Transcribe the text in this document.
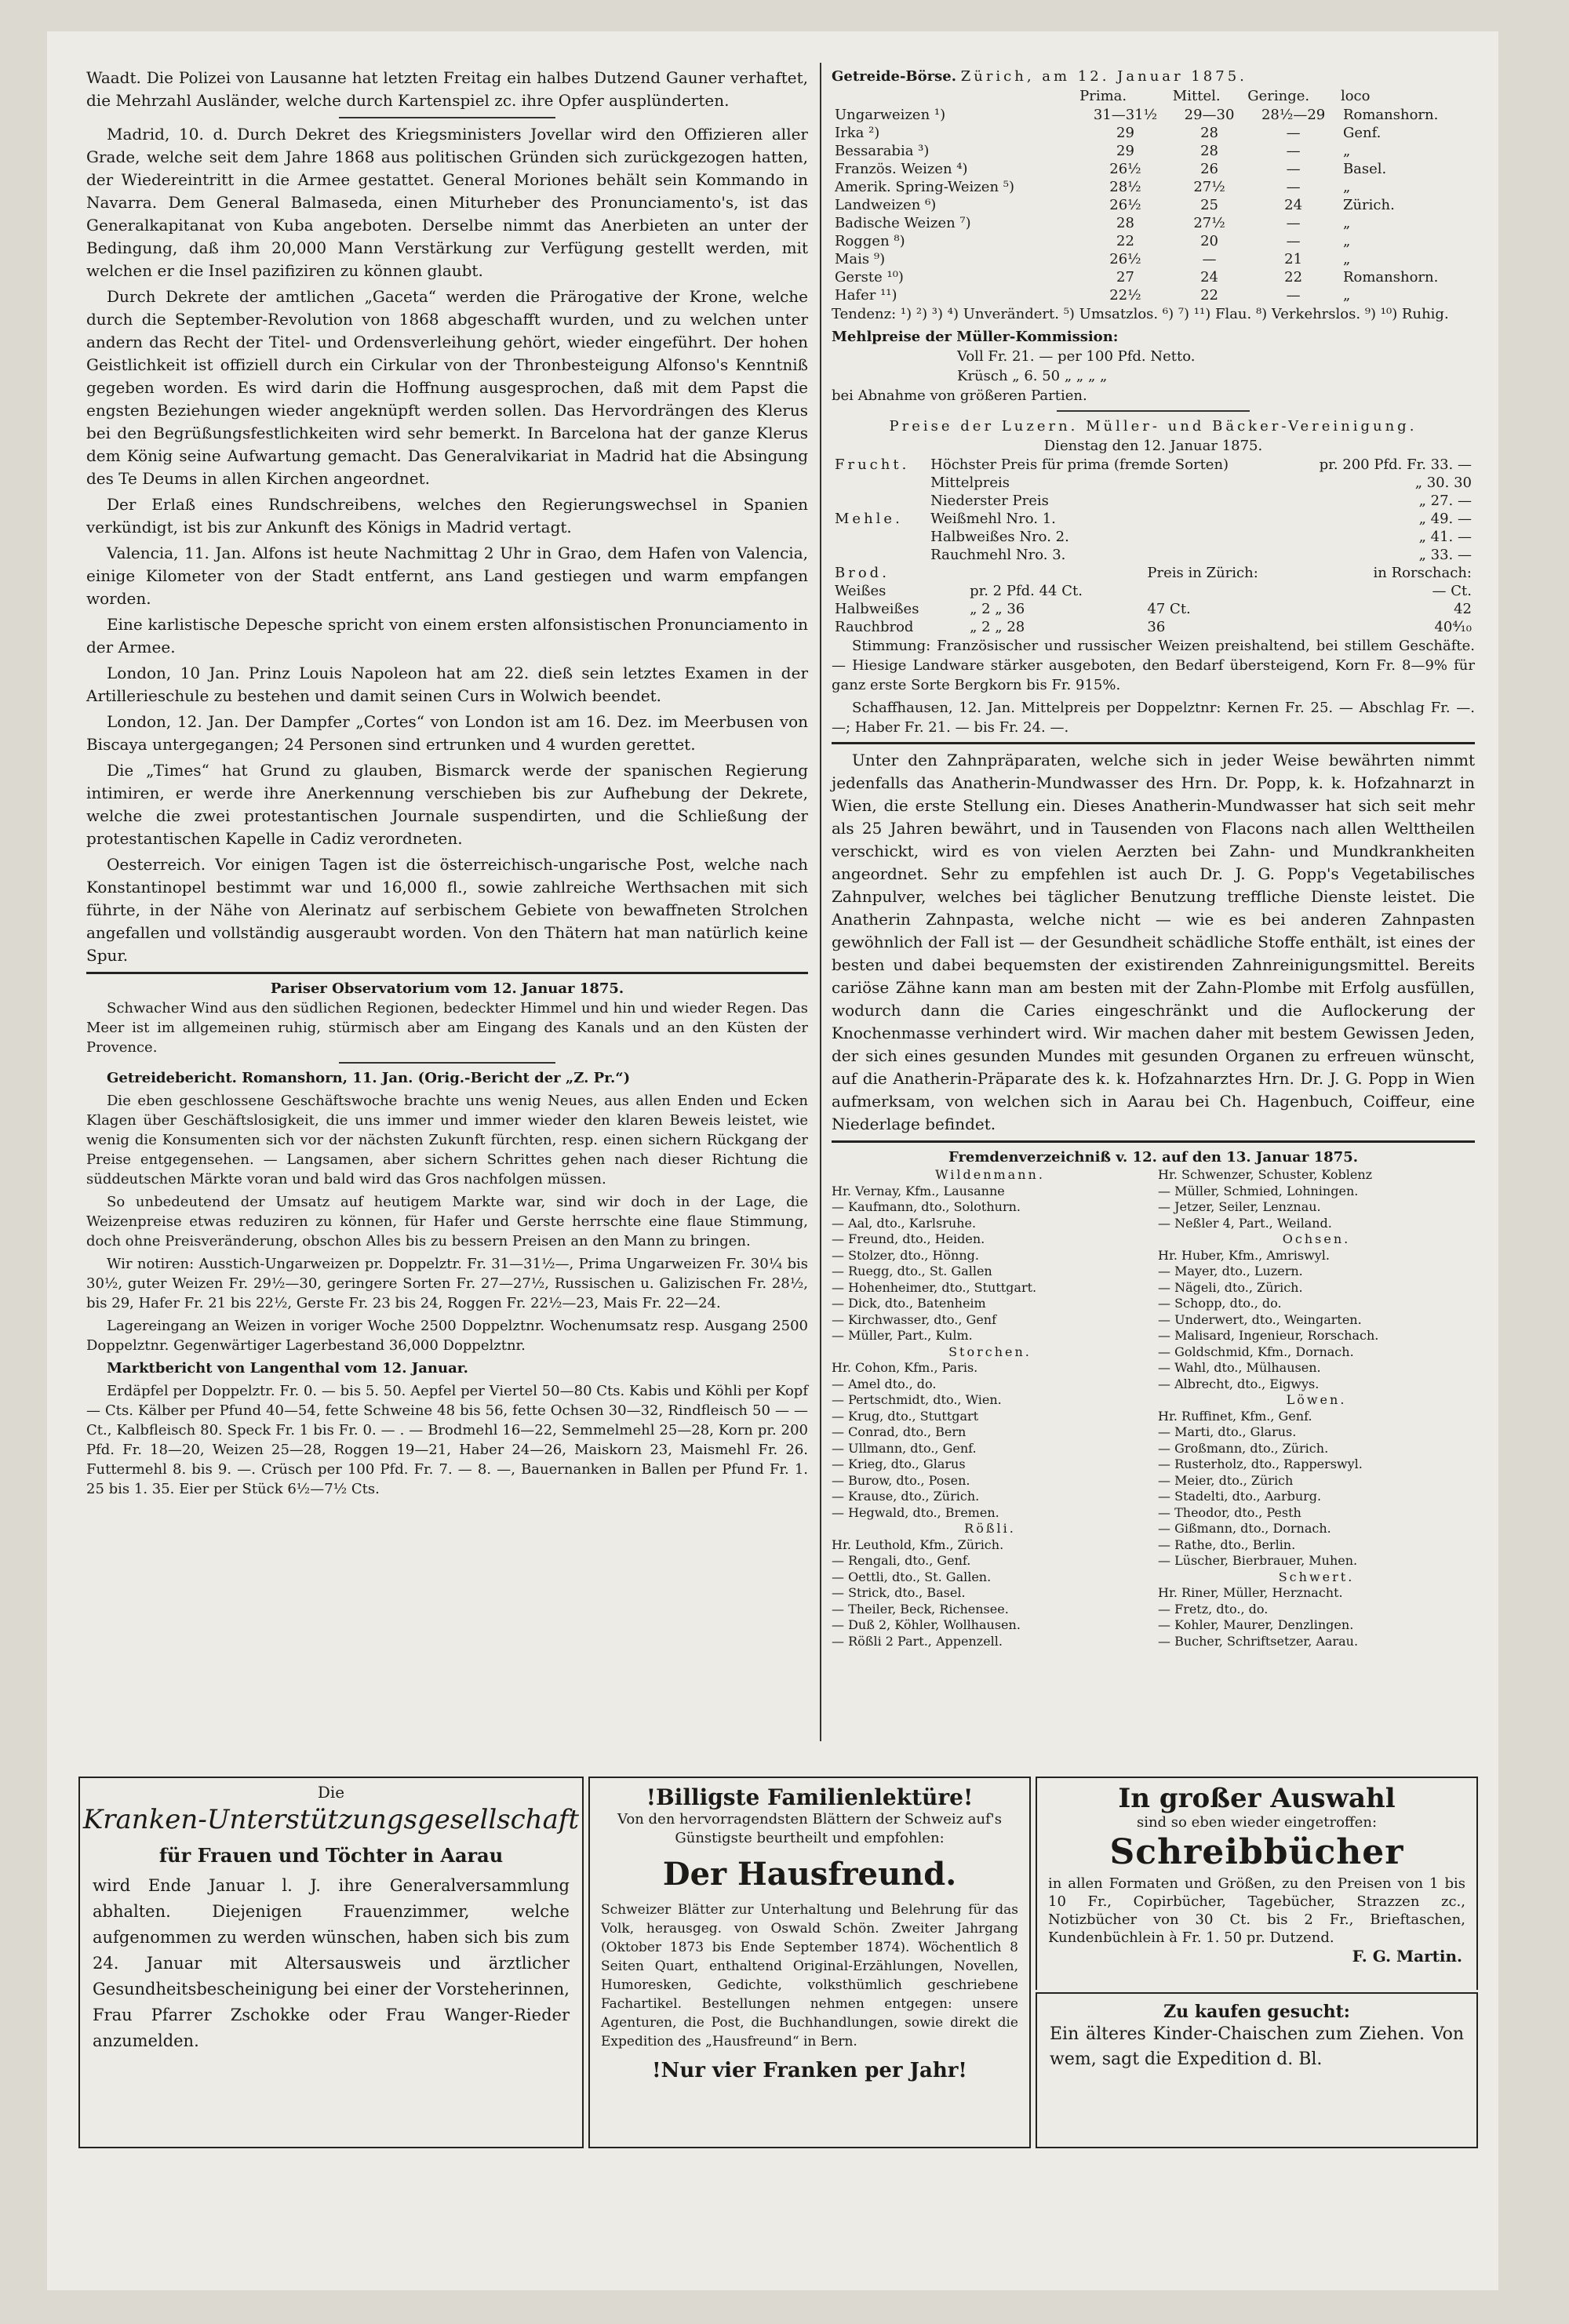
Waadt. Die Polizei von Lausanne hat letzten Freitag ein halbes Dutzend Gauner verhaftet, die Mehrzahl Ausländer, welche durch Kartenspiel zc. ihre Opfer ausplünderten.

Madrid, 10. d. Durch Dekret des Kriegsministers Jovellar wird den Offizieren aller Grade, welche seit dem Jahre 1868 aus politischen Gründen sich zurückgezogen hatten, der Wiedereintritt in die Armee gestattet. General Moriones behält sein Kommando in Navarra. Dem General Balmaseda, einen Miturheber des Pronunciamento's, ist das Generalkapitanat von Kuba angeboten. Derselbe nimmt das Anerbieten an unter der Bedingung, daß ihm 20,000 Mann Verstärkung zur Verfügung gestellt werden, mit welchen er die Insel pazifiziren zu können glaubt.

Durch Dekrete der amtlichen „Gaceta“ werden die Prärogative der Krone, welche durch die September-Revolution von 1868 abgeschafft wurden, und zu welchen unter andern das Recht der Titel- und Ordensverleihung gehört, wieder eingeführt. Der hohen Geistlichkeit ist offiziell durch ein Cirkular von der Thronbesteigung Alfonso's Kenntniß gegeben worden. Es wird darin die Hoffnung ausgesprochen, daß mit dem Papst die engsten Beziehungen wieder angeknüpft werden sollen. Das Hervordrängen des Klerus bei den Begrüßungsfestlichkeiten wird sehr bemerkt. In Barcelona hat der ganze Klerus dem König seine Aufwartung gemacht. Das Generalvikariat in Madrid hat die Absingung des Te Deums in allen Kirchen angeordnet.

Der Erlaß eines Rundschreibens, welches den Regierungswechsel in Spanien verkündigt, ist bis zur Ankunft des Königs in Madrid vertagt.

Valencia, 11. Jan. Alfons ist heute Nachmittag 2 Uhr in Grao, dem Hafen von Valencia, einige Kilometer von der Stadt entfernt, ans Land gestiegen und warm empfangen worden.

Eine karlistische Depesche spricht von einem ersten alfonsistischen Pronunciamento in der Armee.

London, 10 Jan. Prinz Louis Napoleon hat am 22. dieß sein letztes Examen in der Artillerieschule zu bestehen und damit seinen Curs in Wolwich beendet.

London, 12. Jan. Der Dampfer „Cortes“ von London ist am 16. Dez. im Meerbusen von Biscaya untergegangen; 24 Personen sind ertrunken und 4 wurden gerettet.

Die „Times“ hat Grund zu glauben, Bismarck werde der spanischen Regierung intimiren, er werde ihre Anerkennung verschieben bis zur Aufhebung der Dekrete, welche die zwei protestantischen Journale suspendirten, und die Schließung der protestantischen Kapelle in Cadiz verordneten.

Oesterreich. Vor einigen Tagen ist die österreichisch-ungarische Post, welche nach Konstantinopel bestimmt war und 16,000 fl., sowie zahlreiche Werthsachen mit sich führte, in der Nähe von Alerinatz auf serbischem Gebiete von bewaffneten Strolchen angefallen und vollständig ausgeraubt worden. Von den Thätern hat man natürlich keine Spur.

Pariser Observatorium vom 12. Januar 1875.

Schwacher Wind aus den südlichen Regionen, bedeckter Himmel und hin und wieder Regen. Das Meer ist im allgemeinen ruhig, stürmisch aber am Eingang des Kanals und an den Küsten der Provence.

Getreidebericht. Romanshorn, 11. Jan. (Orig.-Bericht der „Z. Pr.“)

Die eben geschlossene Geschäftswoche brachte uns wenig Neues, aus allen Enden und Ecken Klagen über Geschäftslosigkeit, die uns immer und immer wieder den klaren Beweis leistet, wie wenig die Konsumenten sich vor der nächsten Zukunft fürchten, resp. einen sichern Rückgang der Preise entgegensehen. — Langsamen, aber sichern Schrittes gehen nach dieser Richtung die süddeutschen Märkte voran und bald wird das Gros nachfolgen müssen.

So unbedeutend der Umsatz auf heutigem Markte war, sind wir doch in der Lage, die Weizenpreise etwas reduziren zu können, für Hafer und Gerste herrschte eine flaue Stimmung, doch ohne Preisveränderung, obschon Alles bis zu bessern Preisen an den Mann zu bringen.

Wir notiren: Ausstich-Ungarweizen pr. Doppelztr. Fr. 31—31½—, Prima Ungarweizen Fr. 30¼ bis 30½, guter Weizen Fr. 29½—30, geringere Sorten Fr. 27—27½, Russischen u. Galizischen Fr. 28½, bis 29, Hafer Fr. 21 bis 22½, Gerste Fr. 23 bis 24, Roggen Fr. 22½—23, Mais Fr. 22—24.

Lagereingang an Weizen in voriger Woche 2500 Doppelztnr. Wochenumsatz resp. Ausgang 2500 Doppelztnr. Gegenwärtiger Lagerbestand 36,000 Doppelztnr.

Marktbericht von Langenthal vom 12. Januar.

Erdäpfel per Doppelztr. Fr. 0. — bis 5. 50. Aepfel per Viertel 50—80 Cts. Kabis und Köhli per Kopf — Cts. Kälber per Pfund 40—54, fette Schweine 48 bis 56, fette Ochsen 30—32, Rindfleisch 50 — — Ct., Kalbfleisch 80. Speck Fr. 1 bis Fr. 0. — . — Brodmehl 16—22, Semmelmehl 25—28, Korn pr. 200 Pfd. Fr. 18—20, Weizen 25—28, Roggen 19—21, Haber 24—26, Maiskorn 23, Maismehl Fr. 26. Futtermehl 8. bis 9. —. Crüsch per 100 Pfd. Fr. 7. — 8. —, Bauernanken in Ballen per Pfund Fr. 1. 25 bis 1. 35. Eier per Stück 6½—7½ Cts.

Getreide-Börse. Zürich, am 12. Januar 1875.
	Prima.	Mittel.	Geringe.	loco
Ungarweizen ¹)	31—31½	29—30	28½—29	Romanshorn.
Irka ²)	29	28	—	Genf.
Bessarabia ³)	29	28	—	„
Französ. Weizen ⁴)	26½	26	—	Basel.
Amerik. Spring-Weizen ⁵)	28½	27½	—	„
Landweizen ⁶)	26½	25	24	Zürich.
Badische Weizen ⁷)	28	27½	—	„
Roggen ⁸)	22	20	—	„
Mais ⁹)	26½	—	21	„
Gerste ¹⁰)	27	24	22	Romanshorn.
Hafer ¹¹)	22½	22	—	„

Tendenz: ¹) ²) ³) ⁴) Unverändert. ⁵) Umsatzlos. ⁶) ⁷) ¹¹) Flau. ⁸) Verkehrslos. ⁹) ¹⁰) Ruhig.

Mehlpreise der Müller-Kommission:
Voll Fr. 21. — per 100 Pfd. Netto.
Krüsch „ 6. 50 „ „ „ „
bei Abnahme von größeren Partien.
Preise der Luzern. Müller- und Bäcker-Vereinigung.
Dienstag den 12. Januar 1875.
Frucht.	Höchster Preis für prima (fremde Sorten)	pr. 200 Pfd. Fr. 33. —
	Mittelpreis	„ 30. 30
	Niederster Preis	„ 27. —
Mehle.	Weißmehl Nro. 1.	„ 49. —
	Halbweißes Nro. 2.	„ 41. —
	Rauchmehl Nro. 3.	„ 33. —
Brod.		Preis in Zürich:	in Rorschach:
Weißes	pr. 2 Pfd. 44 Ct.		— Ct.
Halbweißes	„ 2 „ 36	47 Ct.	42
Rauchbrod	„ 2 „ 28	36	40⁴⁄₁₀

Stimmung: Französischer und russischer Weizen preishaltend, bei stillem Geschäfte. — Hiesige Landware stärker ausgeboten, den Bedarf übersteigend, Korn Fr. 8—9% für ganz erste Sorte Bergkorn bis Fr. 915%.

Schaffhausen, 12. Jan. Mittelpreis per Doppelztnr: Kernen Fr. 25. — Abschlag Fr. —. —; Haber Fr. 21. — bis Fr. 24. —.

Unter den Zahnpräparaten, welche sich in jeder Weise bewährten nimmt jedenfalls das Anatherin-Mundwasser des Hrn. Dr. Popp, k. k. Hofzahnarzt in Wien, die erste Stellung ein. Dieses Anatherin-Mundwasser hat sich seit mehr als 25 Jahren bewährt, und in Tausenden von Flacons nach allen Welttheilen verschickt, wird es von vielen Aerzten bei Zahn- und Mundkrankheiten angeordnet. Sehr zu empfehlen ist auch Dr. J. G. Popp's Vegetabilisches Zahnpulver, welches bei täglicher Benutzung treffliche Dienste leistet. Die Anatherin Zahnpasta, welche nicht — wie es bei anderen Zahnpasten gewöhnlich der Fall ist — der Gesundheit schädliche Stoffe enthält, ist eines der besten und dabei bequemsten der existirenden Zahnreinigungsmittel. Bereits cariöse Zähne kann man am besten mit der Zahn-Plombe mit Erfolg ausfüllen, wodurch dann die Caries eingeschränkt und die Auflockerung der Knochenmasse verhindert wird. Wir machen daher mit bestem Gewissen Jeden, der sich eines gesunden Mundes mit gesunden Organen zu erfreuen wünscht, auf die Anatherin-Präparate des k. k. Hofzahnarztes Hrn. Dr. J. G. Popp in Wien aufmerksam, von welchen sich in Aarau bei Ch. Hagenbuch, Coiffeur, eine Niederlage befindet.

Fremdenverzeichniß v. 12. auf den 13. Januar 1875.
Wildenmann.
Hr. Vernay, Kfm., Lausanne
— Kaufmann, dto., Solothurn.
— Aal, dto., Karlsruhe.
— Freund, dto., Heiden.
— Stolzer, dto., Hönng.
— Ruegg, dto., St. Gallen
— Hohenheimer, dto., Stuttgart.
— Dick, dto., Batenheim
— Kirchwasser, dto., Genf
— Müller, Part., Kulm.
Storchen.
Hr. Cohon, Kfm., Paris.
— Amel dto., do.
— Pertschmidt, dto., Wien.
— Krug, dto., Stuttgart
— Conrad, dto., Bern
— Ullmann, dto., Genf.
— Krieg, dto., Glarus
— Burow, dto., Posen.
— Krause, dto., Zürich.
— Hegwald, dto., Bremen.
Rößli.
Hr. Leuthold, Kfm., Zürich.
— Rengali, dto., Genf.
— Oettli, dto., St. Gallen.
— Strick, dto., Basel.
— Theiler, Beck, Richensee.
— Duß 2, Köhler, Wollhausen.
— Rößli 2 Part., Appenzell.
Hr. Schwenzer, Schuster, Koblenz
— Müller, Schmied, Lohningen.
— Jetzer, Seiler, Lenznau.
— Neßler 4, Part., Weiland.
Ochsen.
Hr. Huber, Kfm., Amriswyl.
— Mayer, dto., Luzern.
— Nägeli, dto., Zürich.
— Schopp, dto., do.
— Underwert, dto., Weingarten.
— Malisard, Ingenieur, Rorschach.
— Goldschmid, Kfm., Dornach.
— Wahl, dto., Mülhausen.
— Albrecht, dto., Eigwys.
Löwen.
Hr. Ruffinet, Kfm., Genf.
— Marti, dto., Glarus.
— Großmann, dto., Zürich.
— Rusterholz, dto., Rapperswyl.
— Meier, dto., Zürich
— Stadelti, dto., Aarburg.
— Theodor, dto., Pesth
— Gißmann, dto., Dornach.
— Rathe, dto., Berlin.
— Lüscher, Bierbrauer, Muhen.
Schwert.
Hr. Riner, Müller, Herznacht.
— Fretz, dto., do.
— Kohler, Maurer, Denzlingen.
— Bucher, Schriftsetzer, Aarau.

Die

Kranken-Unterstützungsgesellschaft

für Frauen und Töchter in Aarau

wird Ende Januar l. J. ihre Generalversammlung abhalten. Diejenigen Frauenzimmer, welche aufgenommen zu werden wünschen, haben sich bis zum 24. Januar mit Altersausweis und ärztlicher Gesundheitsbescheinigung bei einer der Vorsteherinnen, Frau Pfarrer Zschokke oder Frau Wanger-Rieder anzumelden.

!Billigste Familienlektüre!

Von den hervorragendsten Blättern der Schweiz auf's Günstigste beurtheilt und empfohlen:

Der Hausfreund.

Schweizer Blätter zur Unterhaltung und Belehrung für das Volk, herausgeg. von Oswald Schön. Zweiter Jahrgang (Oktober 1873 bis Ende September 1874). Wöchentlich 8 Seiten Quart, enthaltend Original-Erzählungen, Novellen, Humoresken, Gedichte, volksthümlich geschriebene Fachartikel. Bestellungen nehmen entgegen: unsere Agenturen, die Post, die Buchhandlungen, sowie direkt die Expedition des „Hausfreund“ in Bern.

!Nur vier Franken per Jahr!

In großer Auswahl

sind so eben wieder eingetroffen:

Schreibbücher

in allen Formaten und Größen, zu den Preisen von 1 bis 10 Fr., Copirbücher, Tagebücher, Strazzen zc., Notizbücher von 30 Ct. bis 2 Fr., Brieftaschen, Kundenbüchlein à Fr. 1. 50 pr. Dutzend.

F. G. Martin.

Zu kaufen gesucht:

Ein älteres Kinder-Chaischen zum Ziehen. Von wem, sagt die Expedition d. Bl.
